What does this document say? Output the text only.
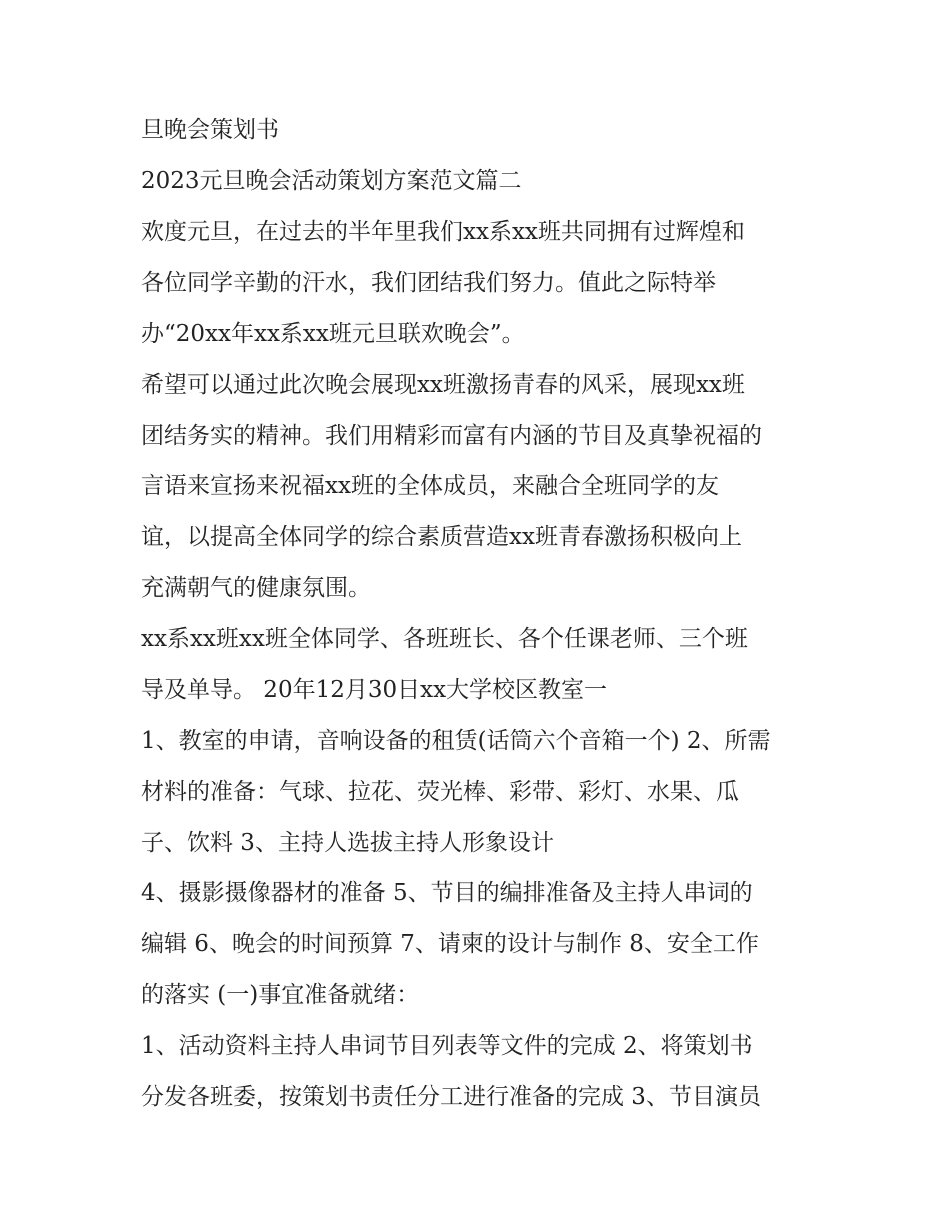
旦晚会策划书
2023元旦晚会活动策划方案范文篇二
欢度元旦，在过去的半年里我们xx系xx班共同拥有过辉煌和
各位同学辛勤的汗水，我们团结我们努力。值此之际特举
办“20xx年xx系xx班元旦联欢晚会”。
希望可以通过此次晚会展现xx班激扬青春的风采，展现xx班
团结务实的精神。我们用精彩而富有内涵的节目及真挚祝福的
言语来宣扬来祝福xx班的全体成员，来融合全班同学的友
谊，以提高全体同学的综合素质营造xx班青春激扬积极向上
充满朝气的健康氛围。
xx系xx班xx班全体同学、各班班长、各个任课老师、三个班
导及单导。 20年12月30日xx大学校区教室一
1、教室的申请，音响设备的租赁(话筒六个音箱一个) 2、所需
材料的准备：气球、拉花、荧光棒、彩带、彩灯、水果、瓜
子、饮料 3、主持人选拔主持人形象设计
4、摄影摄像器材的准备 5、节目的编排准备及主持人串词的
编辑 6、晚会的时间预算 7、请柬的设计与制作 8、安全工作
的落实 (一)事宜准备就绪：
1、活动资料主持人串词节目列表等文件的完成 2、将策划书
分发各班委，按策划书责任分工进行准备的完成 3、节目演员
